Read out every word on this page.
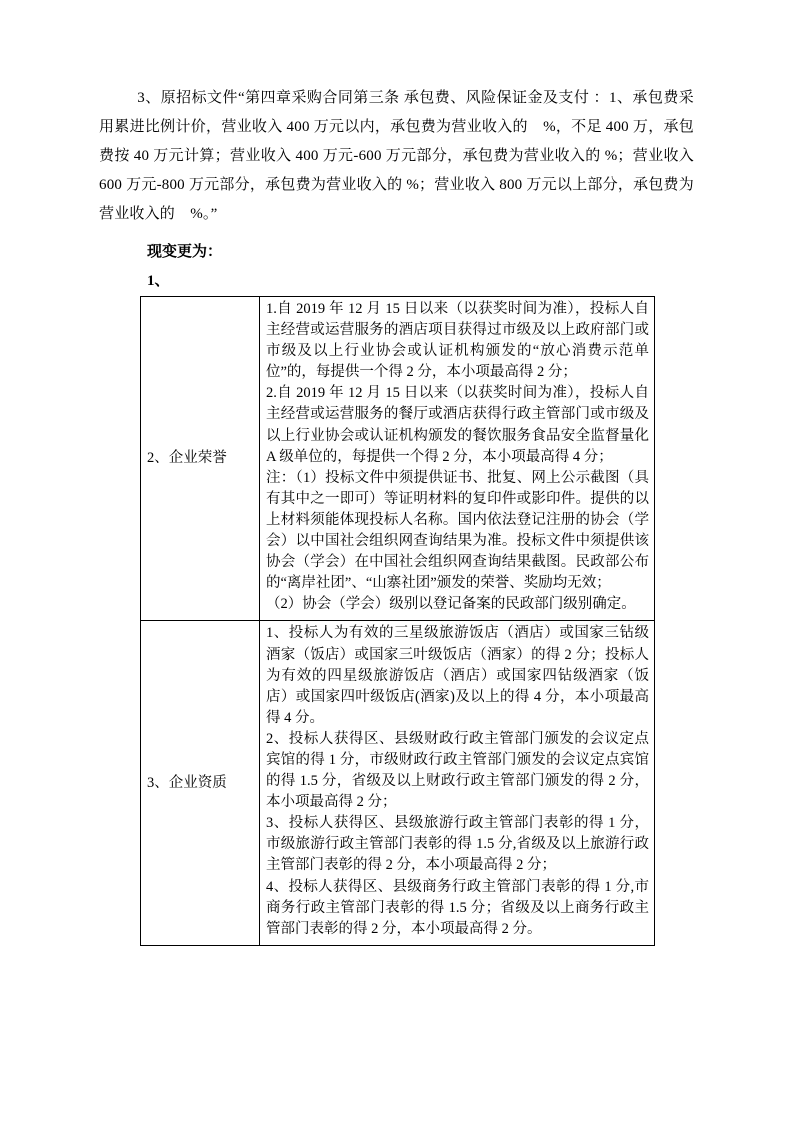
3、原招标文件“第四章采购合同第三条 承包费、风险保证金及支付 ：1、承包费采用累进比例计价，营业收入 400 万元以内，承包费为营业收入的　%，不足 400 万，承包费按 40 万元计算；营业收入 400 万元-600 万元部分，承包费为营业收入的 %；营业收入 600 万元-800 万元部分，承包费为营业收入的 %；营业收入 800 万元以上部分，承包费为营业收入的　%。”

现变更为：

1、

2、企业荣誉	1.自 2019 年 12 月 15 日以来（以获奖时间为准），投标人自主经营或运营服务的酒店项目获得过市级及以上政府部门或市级及以上行业协会或认证机构颁发的“放心消费示范单位”的，每提供一个得 2 分，本小项最高得 2 分；

2.自 2019 年 12 月 15 日以来（以获奖时间为准），投标人自主经营或运营服务的餐厅或酒店获得行政主管部门或市级及以上行业协会或认证机构颁发的餐饮服务食品安全监督量化 A 级单位的，每提供一个得 2 分，本小项最高得 4 分；

注：（1）投标文件中须提供证书、批复、网上公示截图（具有其中之一即可）等证明材料的复印件或影印件。提供的以上材料须能体现投标人名称。国内依法登记注册的协会（学会）以中国社会组织网查询结果为准。投标文件中须提供该协会（学会）在中国社会组织网查询结果截图。民政部公布的“离岸社团”、“山寨社团”颁发的荣誉、奖励均无效；

（2）协会（学会）级别以登记备案的民政部门级别确定。

3、企业资质	1、投标人为有效的三星级旅游饭店（酒店）或国家三钻级酒家（饭店）或国家三叶级饭店（酒家）的得 2 分；投标人为有效的四星级旅游饭店（酒店）或国家四钻级酒家（饭店）或国家四叶级饭店(酒家)及以上的得 4 分，本小项最高得 4 分。

2、投标人获得区、县级财政行政主管部门颁发的会议定点宾馆的得 1 分，市级财政行政主管部门颁发的会议定点宾馆的得 1.5 分，省级及以上财政行政主管部门颁发的得 2 分，本小项最高得 2 分；

3、投标人获得区、县级旅游行政主管部门表彰的得 1 分，市级旅游行政主管部门表彰的得 1.5 分,省级及以上旅游行政主管部门表彰的得 2 分，本小项最高得 2 分；

4、投标人获得区、县级商务行政主管部门表彰的得 1 分,市商务行政主管部门表彰的得 1.5 分；省级及以上商务行政主管部门表彰的得 2 分，本小项最高得 2 分。
